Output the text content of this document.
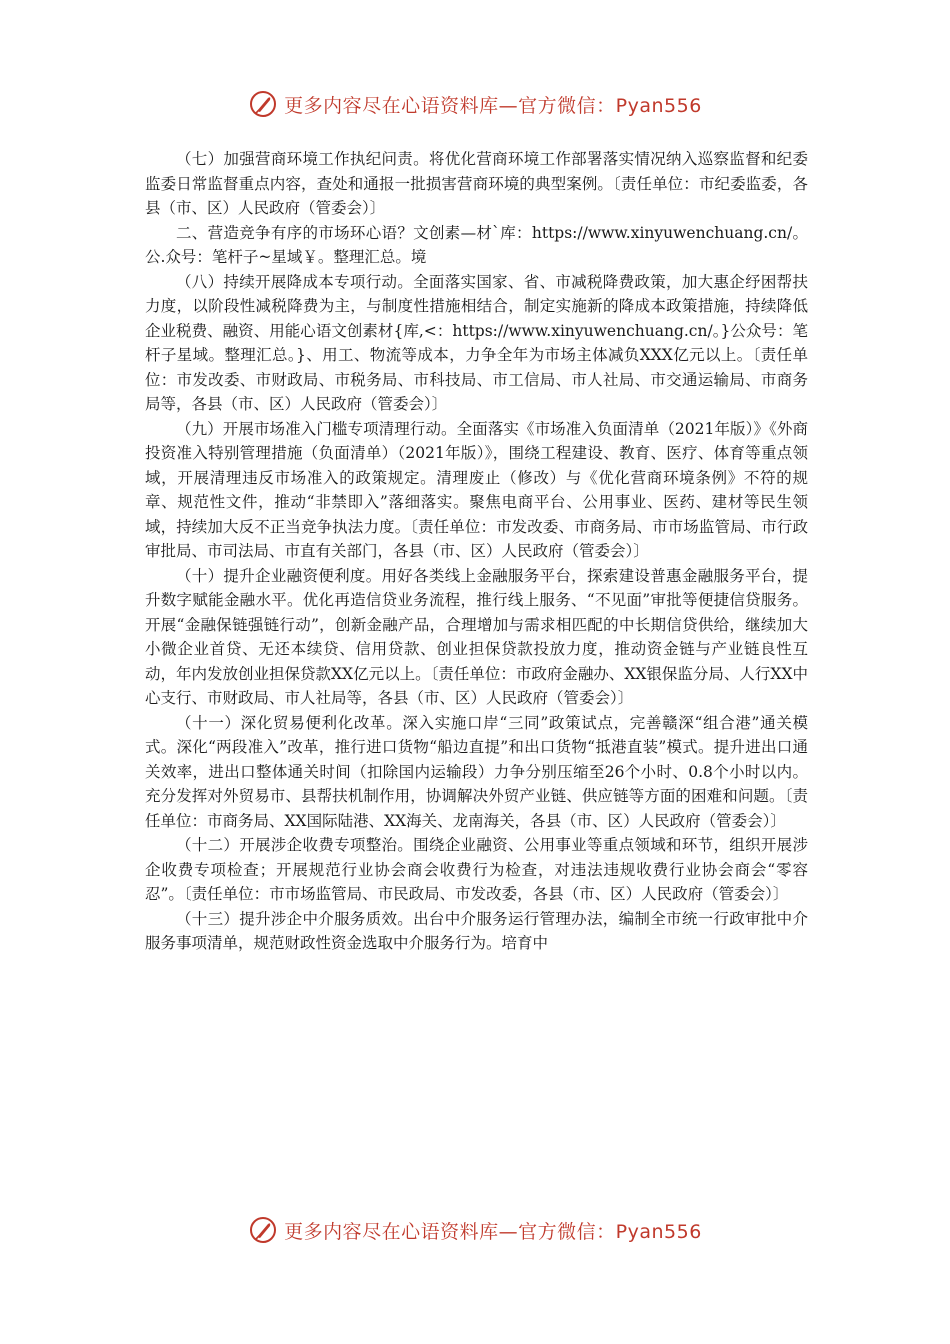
更多内容尽在心语资料库—官方微信：Pyan556

（七）加强营商环境工作执纪问责。将优化营商环境工作部署落实情况纳入巡察监督和纪委监委日常监督重点内容，查处和通报一批损害营商环境的典型案例。〔责任单位：市纪委监委，各县（市、区）人民政府（管委会）〕

二、营造竞争有序的市场环心语？文创素—材`库：https://www.xinyuwenchuang.cn/。公.众号：笔杆子~星域￥。整理汇总。境

（八）持续开展降成本专项行动。全面落实国家、省、市减税降费政策，加大惠企纾困帮扶力度，以阶段性减税降费为主，与制度性措施相结合，制定实施新的降成本政策措施，持续降低企业税费、融资、用能心语文创素材{库,<：https://www.xinyuwenchuang.cn/。}公众号：笔杆子星域。整理汇总。}、用工、物流等成本，力争全年为市场主体减负XXX亿元以上。〔责任单位：市发改委、市财政局、市税务局、市科技局、市工信局、市人社局、市交通运输局、市商务局等，各县（市、区）人民政府（管委会）〕

（九）开展市场准入门槛专项清理行动。全面落实《市场准入负面清单（2021年版）》《外商投资准入特别管理措施（负面清单）（2021年版）》，围绕工程建设、教育、医疗、体育等重点领域，开展清理违反市场准入的政策规定。清理废止（修改）与《优化营商环境条例》不符的规章、规范性文件，推动“非禁即入”落细落实。聚焦电商平台、公用事业、医药、建材等民生领域，持续加大反不正当竞争执法力度。〔责任单位：市发改委、市商务局、市市场监管局、市行政审批局、市司法局、市直有关部门，各县（市、区）人民政府（管委会）〕

（十）提升企业融资便利度。用好各类线上金融服务平台，探索建设普惠金融服务平台，提升数字赋能金融水平。优化再造信贷业务流程，推行线上服务、“不见面”审批等便捷信贷服务。开展“金融保链强链行动”，创新金融产品，合理增加与需求相匹配的中长期信贷供给，继续加大小微企业首贷、无还本续贷、信用贷款、创业担保贷款投放力度，推动资金链与产业链良性互动，年内发放创业担保贷款XX亿元以上。〔责任单位：市政府金融办、XX银保监分局、人行XX中心支行、市财政局、市人社局等，各县（市、区）人民政府（管委会）〕

（十一）深化贸易便利化改革。深入实施口岸“三同”政策试点，完善赣深“组合港”通关模式。深化“两段准入”改革，推行进口货物“船边直提”和出口货物“抵港直装”模式。提升进出口通关效率，进出口整体通关时间（扣除国内运输段）力争分别压缩至26个小时、0.8个小时以内。充分发挥对外贸易市、县帮扶机制作用，协调解决外贸产业链、供应链等方面的困难和问题。〔责任单位：市商务局、XX国际陆港、XX海关、龙南海关，各县（市、区）人民政府（管委会）〕

（十二）开展涉企收费专项整治。围绕企业融资、公用事业等重点领域和环节，组织开展涉企收费专项检查；开展规范行业协会商会收费行为检查，对违法违规收费行业协会商会“零容忍”。〔责任单位：市市场监管局、市民政局、市发改委，各县（市、区）人民政府（管委会）〕

（十三）提升涉企中介服务质效。出台中介服务运行管理办法，编制全市统一行政审批中介服务事项清单，规范财政性资金选取中介服务行为。培育中

更多内容尽在心语资料库—官方微信：Pyan556
